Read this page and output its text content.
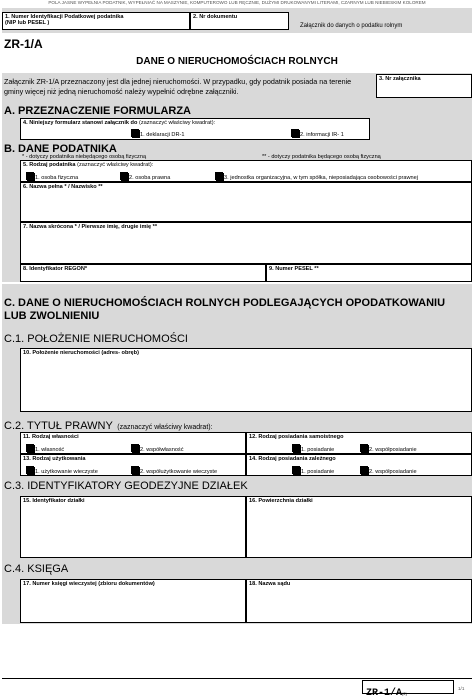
POLA JASNE WYPEŁNIA PODATNIK, WYPEŁNIAĆ NA MASZYNIE, KOMPUTEROWO LUB RĘCZNIE, DUŻYMI DRUKOWANYMI LITERAMI, CZARNYM LUB NIEBIESKIM KOLOREM
1. Numer Identyfikacji Podatkowej podatnika
(NIP lub PESEL )
2. Nr dokumentu
Załącznik do danych o podatku rolnym
ZR-1/A
DANE O NIERUCHOMOŚCIACH ROLNYCH
Załącznik ZR-1/A przeznaczony jest dla jednej nieruchomości. W przypadku, gdy podatnik posiada na terenie gminy więcej niż jedną nieruchomość należy wypełnić odrębne załączniki.
3. Nr załącznika
A. PRZEZNACZENIE FORMULARZA
4. Niniejszy formularz stanowi załącznik do (zaznaczyć właściwy kwadrat):
1. deklaracji DR-1	2. informacji IR- 1
B. DANE PODATNIKA
* - dotyczy podatnika niebędącego osobą fizyczną	** - dotyczy podatnika będącego osobą fizyczną
5. Rodzaj podatnika (zaznaczyć właściwy kwadrat):
1. osoba fizyczna	2. osoba prawna	3. jednostka organizacyjna, w tym spółka, nieposiadająca osobowości prawnej
6. Nazwa pełna * / Nazwisko **
7. Nazwa skrócona * / Pierwsze imię, drugie imię **
8. Identyfikator REGON*	9. Numer PESEL **
C. DANE O NIERUCHOMOŚCIACH ROLNYCH PODLEGAJĄCYCH OPODATKOWANIU LUB ZWOLNIENIU
C.1. POŁOŻENIE NIERUCHOMOŚCI
10. Położenie nieruchomości (adres- obręb)
C.2. TYTUŁ PRAWNY (zaznaczyć właściwy kwadrat):
11. Rodzaj własności
1. własność	2. współwłasność
12. Rodzaj posiadania samoistnego
1. posiadanie	2. współposiadanie
13. Rodzaj użytkowania
1. użytkowanie wieczyste	2. współużytkowanie wieczyste
14. Rodzaj posiadania zależnego
1. posiadanie	2. współposiadanie
C.3. IDENTYFIKATORY GEODEZYJNE DZIAŁEK
15. Identyfikator działki	16. Powierzchnia działki
C.4. KSIĘGA
17. Numer księgi wieczystej (zbioru dokumentów)	18. Nazwa sądu
ZR-1/A(2)
1/1
